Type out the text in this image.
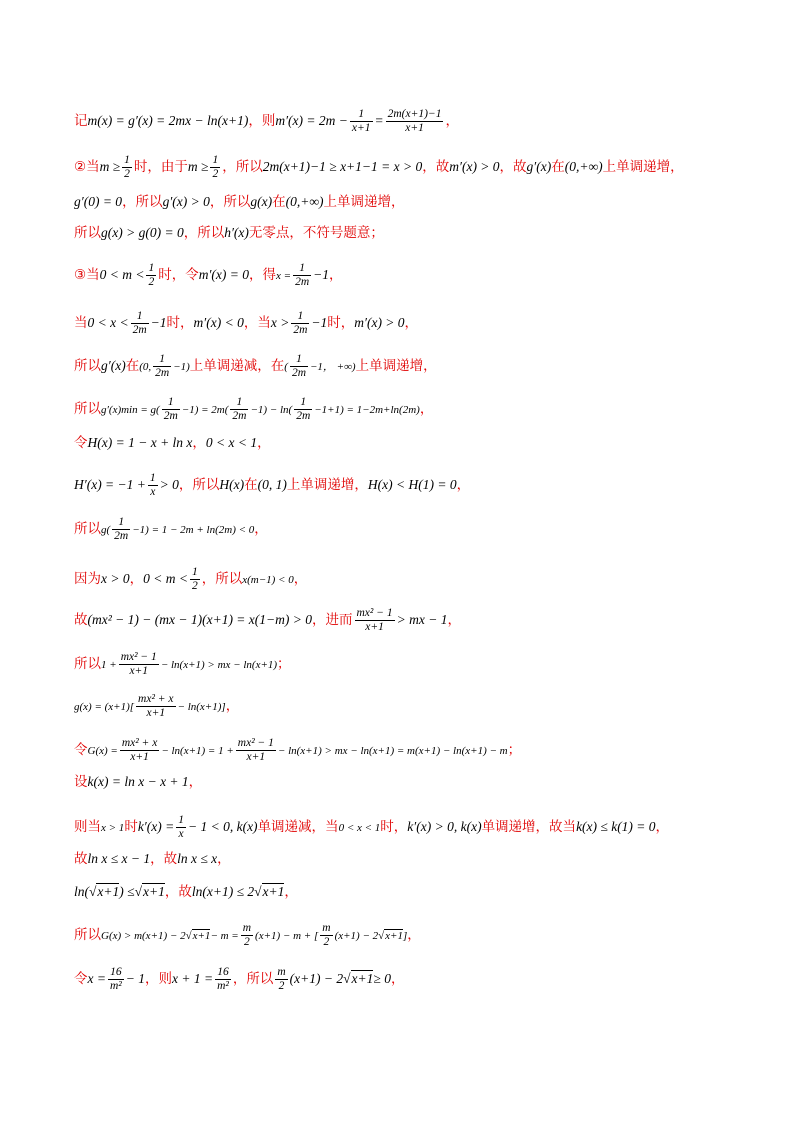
记m(x) = g′(x) = 2mx − ln(x+1)，则$m'(x) = 2m - \frac{1}{x+1} = \frac{2m(x+1)-1}{x+1}$ ，
②当$m \ge \frac{1}{2}$ 时，由于$m \ge \frac{1}{2}$ ，所以2m(x+1)−1 ≥ x+1−1 = x > 0，故m′(x) > 0，故g′(x)在(0,+∞)上单调递增，
g′(0) = 0，所以g′(x) > 0，所以g(x)在(0,+∞)上单调递增，
所以g(x) > g(0) = 0，所以h′(x)无零点，不符号题意；
③当$0 < m < \frac{1}{2}$ 时，令m′(x) = 0，得$x = \frac{1}{2m} -1$，
当$0 < x < \frac{1}{2m} -1$时，m′(x) < 0，当$x > \frac{1}{2m} -1$时，m′(x) > 0，
所以g′(x)在(0, $\frac{1}{2m} -1$)上单调递减，在( $\frac{1}{2m} -1$， +∞)上单调递增，
所以$g'(x)\min = g( \frac{1}{2m} -1) = 2m( \frac{1}{2m} -1) - \ln( \frac{1}{2m} -1+1) = 1-2m+\ln(2m)$，
令H(x) = 1 − x + ln x，0 < x < 1，
$H'(x) = -1 + \frac{1}{x} > 0$，所以H(x)在(0, 1)上单调递增，H(x) < H(1) = 0，
所以$g( \frac{1}{2m} -1) = 1 - 2m + \ln(2m) < 0$，
因为x > 0，$0 < m < \frac{1}{2}$ ，所以x(m−1) < 0，
故(mx² − 1) − (mx − 1)(x+1) = x(1−m) > 0，进而 $\frac{\text{mx² − 1}}{x+1}$ > mx − 1，
所以$1 + \frac{\text{mx² − 1}}{x+1} - \ln(x+1)$ > mx − ln(x+1)；
$g(x) = (x+1)[ \frac{\text{mx² + x}}{x+1} - \ln(x+1)]$，
令$G(x) = \frac{\text{mx² + x}}{x+1} - \ln(x+1) = 1 + \frac{\text{mx² − 1}}{x+1} - \ln(x+1)$ > mx − ln(x+1) = m(x+1) − ln(x+1) − m；
设k(x) = ln x − x + 1，
则当x > 1时$k'(x) = \frac{1}{x} - 1 < 0$, k(x)单调递减，当0 < x < 1时，k′(x) > 0, k(x)单调递增，故当k(x) ≤ k(1) = 0，
故ln x ≤ x − 1，故ln x ≤ x，
ln(√x+1) ≤√x+1，故ln(x+1) ≤ 2√x+1，
所以$G(x) > m(x+1) - 2√x+1- m = \frac{m}{2} (x+1) - m$ + [ $\frac{m}{2} (x+1) - 2√x+1$]，
令$x = \frac{16}{\text{m²}} - 1$，则$x + 1 = \frac{16}{\text{m²}}$ ，所以 $\frac{m}{2} (x+1) - 2√x+1\ge 0$，
